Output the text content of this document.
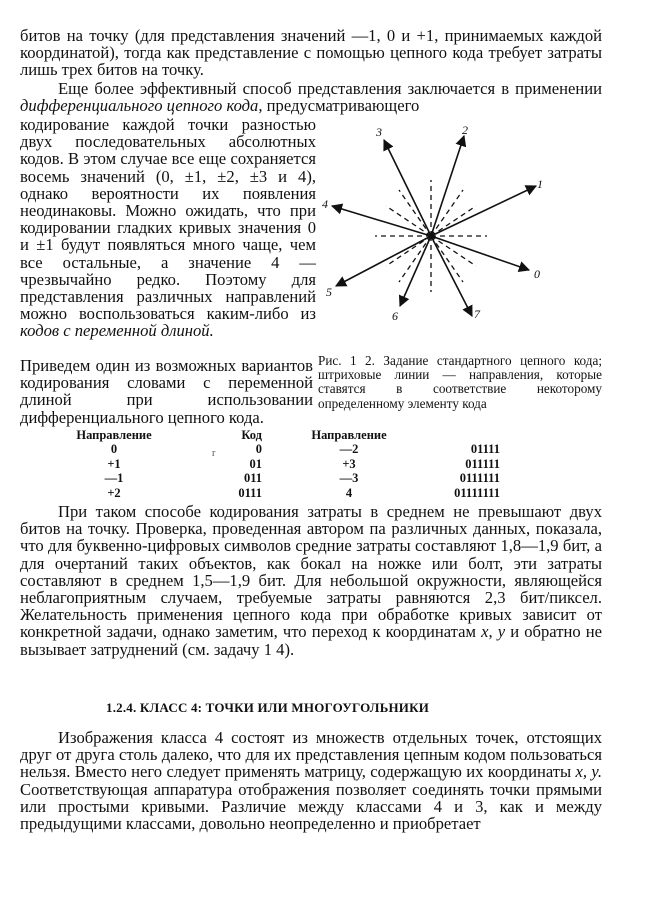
битов на точку (для представления значений —1, 0 и +1, принимаемых каждой координатой), тогда как представление с помощью цепного кода требует затраты лишь трех битов на точку.

Еще более эффективный способ представления заключается в применении дифференциального цепного кода, предусматривающего

кодирование каждой точки разностью двух последовательных абсолютных кодов. В этом случае все еще сохраняется восемь значений (0, ±1, ±2, ±3 и 4), однако вероятности их появления неодинаковы. Можно ожидать, что при кодировании гладких кривых значения 0 и ±1 будут появляться много чаще, чем все остальные, а значение 4 — чрезвычайно редко. Поэтому для представления различных направлений можно воспользоваться каким-либо из кодов с переменной длиной.

Приведем один из возможных вариантов кодирования словами с переменной длиной при использовании дифференциального цепного кода.

0
1
2
3
4
5
6	7

Рис. 1 2. Задание стандартного цепного кода; штриховые линии — направления, которые ставятся в соответствие некоторому определенному элементу кода

Направление	Код	Направление
0	0	—2	01111
+1	01	+3	011111
—1	011	—3	0111111
+2	0111	4	01111111
r

При таком способе кодирования затраты в среднем не превышают двух битов на точку. Проверка, проведенная автором па различных данных, показала, что для буквенно-цифровых символов средние затраты составляют 1,8—1,9 бит, а для очертаний таких объектов, как бокал на ножке или болт, эти затраты составляют в среднем 1,5—1,9 бит. Для небольшой окружности, являющейся неблагоприятным случаем, требуемые затраты равняются 2,3 бит/пиксел. Желательность применения цепного кода при обработке кривых зависит от конкретной задачи, однако заметим, что переход к координатам x, y и обратно не вызывает затруднений (см. задачу 1 4).

1.2.4. КЛАСС 4: ТОЧКИ ИЛИ МНОГОУГОЛЬНИКИ

Изображения класса 4 состоят из множеств отдельных точек, отстоящих друг от друга столь далеко, что для их представления цепным кодом пользоваться нельзя. Вместо него следует применять матрицу, содержащую их координаты x, y. Соответствующая аппаратура отображения позволяет соединять точки прямыми или простыми кривыми. Различие между классами 4 и 3, как и между предыдущими классами, довольно неопределенно и приобретает
